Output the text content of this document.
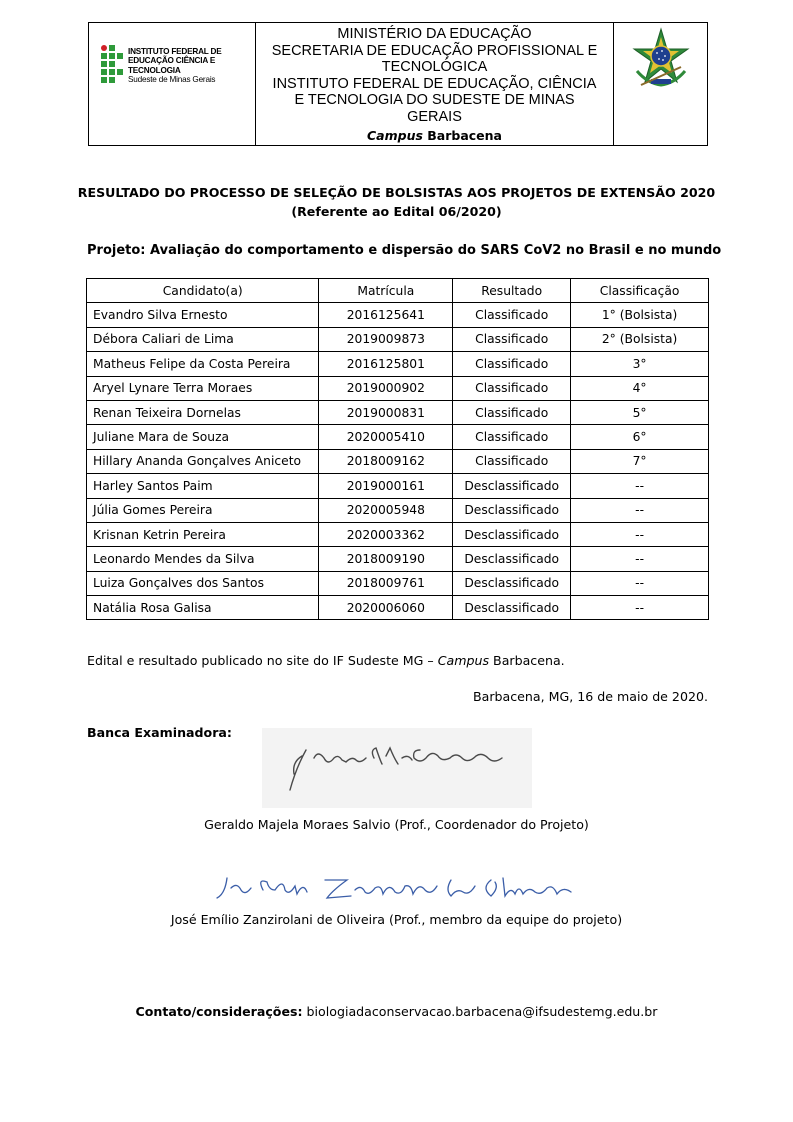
INSTITUTO FEDERAL DE
EDUCAÇÃO CIÊNCIA E TECNOLOGIA
Sudeste de Minas Gerais
MINISTÉRIO DA EDUCAÇÃO
SECRETARIA DE EDUCAÇÃO PROFISSIONAL E
TECNOLÓGICA
INSTITUTO FEDERAL DE EDUCAÇÃO, CIÊNCIA
E TECNOLOGIA DO SUDESTE DE MINAS
GERAIS
Campus Barbacena
RESULTADO DO PROCESSO DE SELEÇÃO DE BOLSISTAS AOS PROJETOS DE EXTENSÃO 2020
(Referente ao Edital 06/2020)
Projeto: Avaliação do comportamento e dispersão do SARS CoV2 no Brasil e no mundo
Candidato(a)	Matrícula	Resultado	Classificação
Evandro Silva Ernesto	2016125641	Classificado	1° (Bolsista)
Débora Caliari de Lima	2019009873	Classificado	2° (Bolsista)
Matheus Felipe da Costa Pereira	2016125801	Classificado	3°
Aryel Lynare Terra Moraes	2019000902	Classificado	4°
Renan Teixeira Dornelas	2019000831	Classificado	5°
Juliane Mara de Souza	2020005410	Classificado	6°
Hillary Ananda Gonçalves Aniceto	2018009162	Classificado	7°
Harley Santos Paim	2019000161	Desclassificado	--
Júlia Gomes Pereira	2020005948	Desclassificado	--
Krisnan Ketrin Pereira	2020003362	Desclassificado	--
Leonardo Mendes da Silva	2018009190	Desclassificado	--
Luiza Gonçalves dos Santos	2018009761	Desclassificado	--
Natália Rosa Galisa	2020006060	Desclassificado	--
Edital e resultado publicado no site do IF Sudeste MG – Campus Barbacena.
Barbacena, MG, 16 de maio de 2020.
Banca Examinadora:
Geraldo Majela Moraes Salvio (Prof., Coordenador do Projeto)
José Emílio Zanzirolani de Oliveira (Prof., membro da equipe do projeto)
Contato/considerações: biologiadaconservacao.barbacena@ifsudestemg.edu.br
